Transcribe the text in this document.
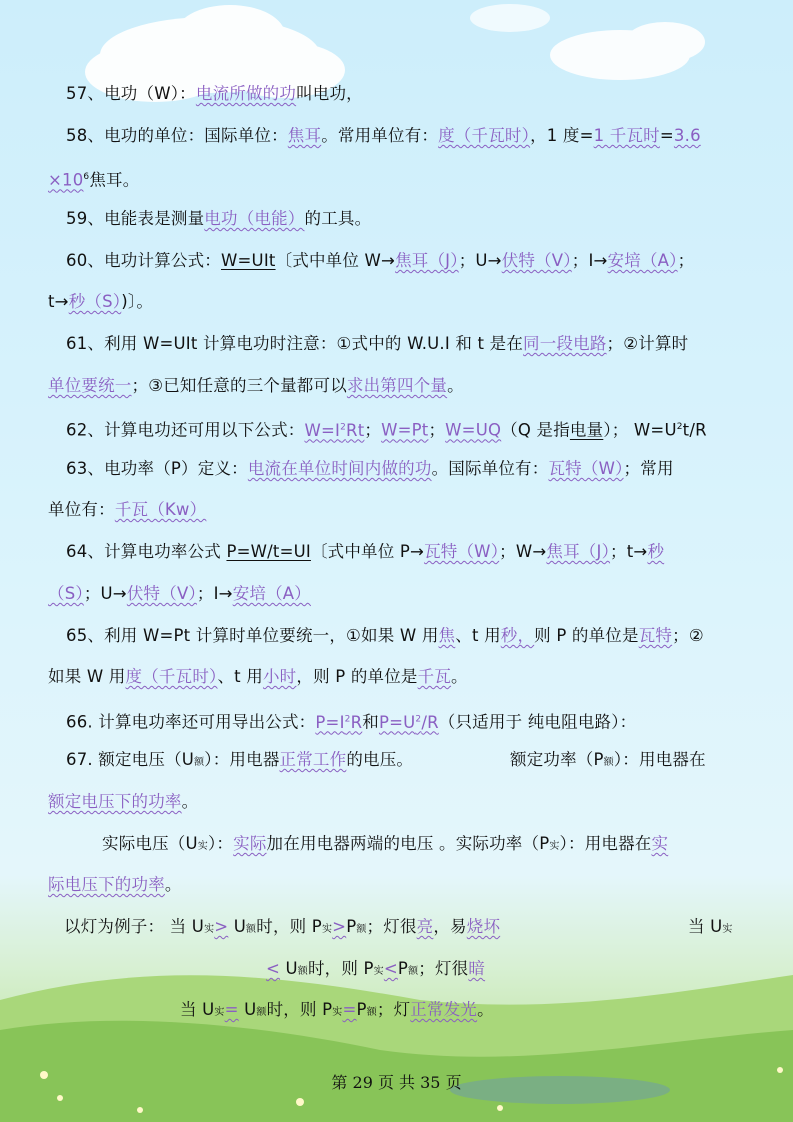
57、电功（W）：电流所做的功叫电功，
58、电功的单位：国际单位：焦耳。常用单位有：度（千瓦时），1 度=1 千瓦时=3.6
$\times 10^6$焦耳。
59、电能表是测量电功（电能）的工具。
60、电功计算公式：W=UIt〔式中单位 W→焦耳（J）；U→伏特（V）；I→安培（A）；
t→秒（S）)〕。
61、利用 W=UIt 计算电功时注意：①式中的 W.U.I 和 t 是在同一段电路；②计算时
单位要统一；③已知任意的三个量都可以求出第四个量。
62、计算电功还可用以下公式：$W=I^2Rt$；W=Pt；W=UQ（Q 是指电量）； $W=U^2t/R$
63、电功率（P）定义：电流在单位时间内做的功。国际单位有：瓦特（W）；常用
单位有：千瓦（Kw）
64、计算电功率公式 P=W/t=UI〔式中单位 P→瓦特（W）；W→焦耳（J）；t→秒
（S）；U→伏特（V）；I→安培（A）
65、利用 W=Pt 计算时单位要统一，①如果 W 用焦、t 用秒，则 P 的单位是瓦特；②
如果 W 用度（千瓦时）、t 用小时，则 P 的单位是千瓦。
66. 计算电功率还可用导出公式：$P=I^2R$和$P=U^2/R$（只适用于 纯电阻电路）：
67. 额定电压（U额）：用电器正常工作的电压。	额定功率（P额）：用电器在
额定电压下的功率。
实际电压（U实）：实际加在用电器两端的电压 。实际功率（P实）：用电器在实
际电压下的功率。
以灯为例子： 当 U实> U额时，则 P实>P额；灯很亮，易烧坏	当 U实
< U额时，则 P实<P额；灯很暗
当 U实= U额时，则 P实=P额；灯正常发光。
第 29 页 共 35 页
